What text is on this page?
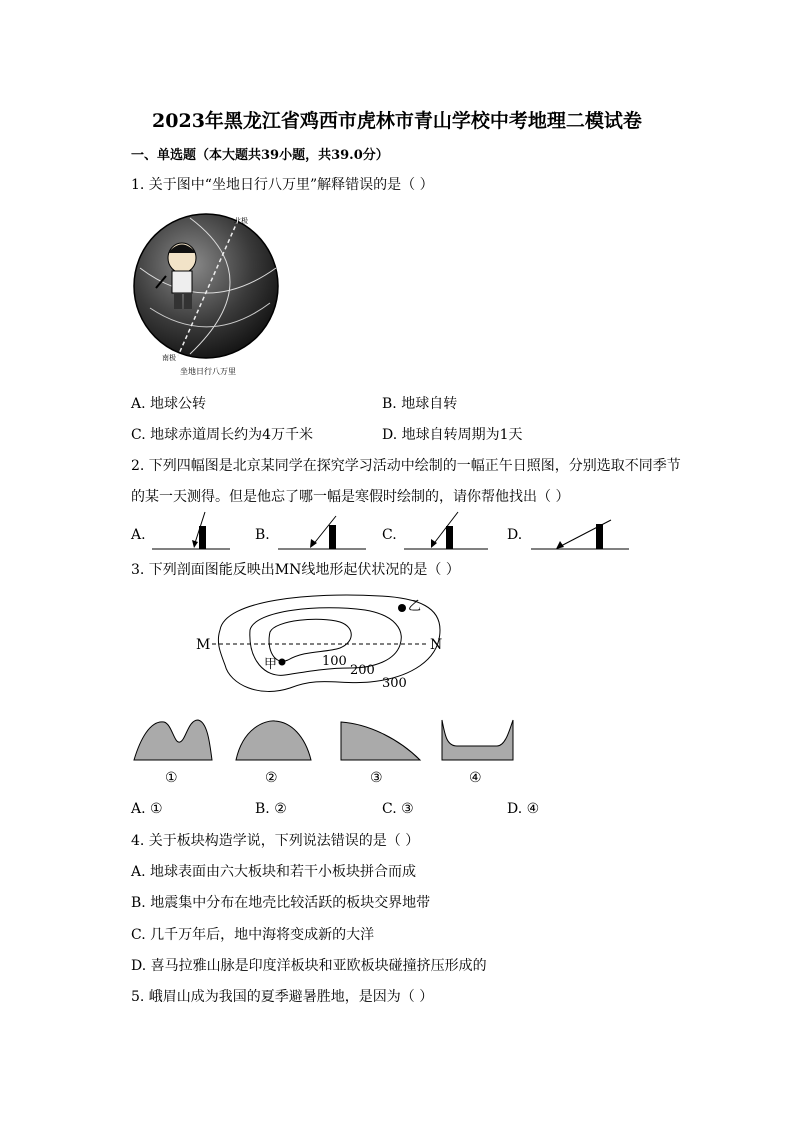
2023年黑龙江省鸡西市虎林市青山学校中考地理二模试卷
一、单选题（本大题共39小题，共39.0分）
1. 关于图中“坐地日行八万里”解释错误的是（ ）
北极
南极
坐地日行八万里
A. 地球公转	B. 地球自转
C. 地球赤道周长约为4万千米	D. 地球自转周期为1天
2. 下列四幅图是北京某同学在探究学习活动中绘制的一幅正午日照图，分别选取不同季节
的某一天测得。但是他忘了哪一幅是寒假时绘制的，请你帮他找出（ ）
A.	B.	C.	D.
3. 下列剖面图能反映出MN线地形起伏状况的是（ ）
M	N
甲
乙
100
200
300
①	②	③	④
A. ①	B. ②	C. ③	D. ④
4. 关于板块构造学说，下列说法错误的是（ ）
A. 地球表面由六大板块和若干小板块拼合而成
B. 地震集中分布在地壳比较活跃的板块交界地带
C. 几千万年后，地中海将变成新的大洋
D. 喜马拉雅山脉是印度洋板块和亚欧板块碰撞挤压形成的
5. 峨眉山成为我国的夏季避暑胜地，是因为（ ）
